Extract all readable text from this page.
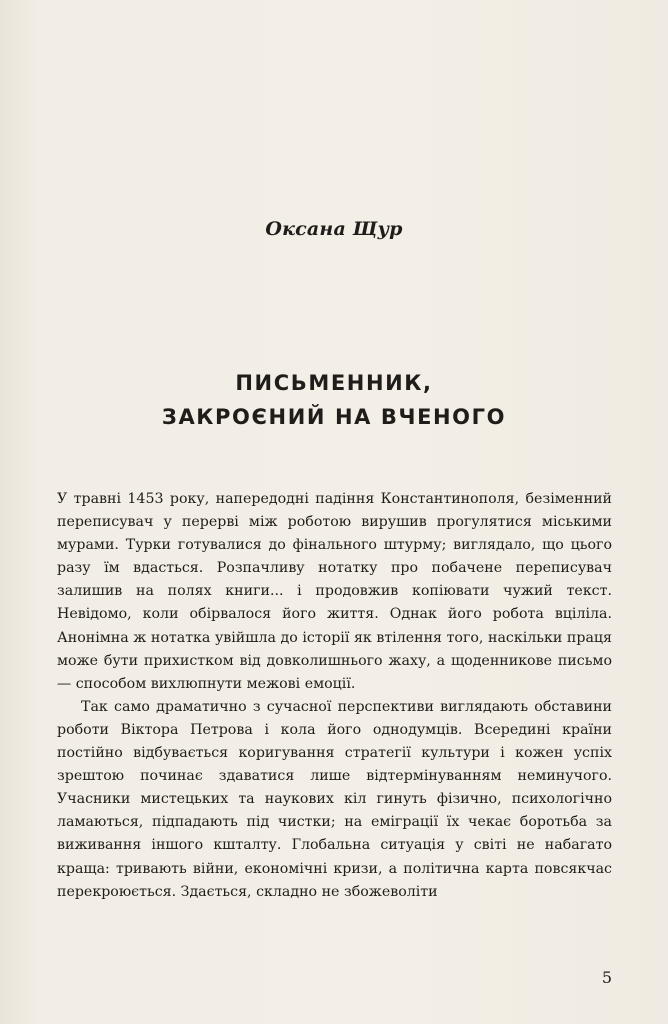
Оксана Щур
ПИСЬМЕННИК,
ЗАКРОЄНИЙ НА ВЧЕНОГО

У травні 1453 року, напередодні падіння Константинополя, безіменний переписувач у перерві між роботою вирушив прогулятися міськими мурами. Турки готувалися до фінального штурму; виглядало, що цього разу їм вдасться. Розпачливу нотатку про побачене переписувач залишив на полях книги... і продовжив копіювати чужий текст. Невідомо, коли обірвалося його життя. Однак його робота вціліла. Анонімна ж нотатка увійшла до історії як втілення того, наскільки праця може бути прихистком від довколишнього жаху, а щоденникове письмо — способом вихлюпнути межові емоції.

Так само драматично з сучасної перспективи виглядають обставини роботи Віктора Петрова і кола його однодумців. Всередині країни постійно відбувається коригування стратегії культури і кожен успіх зрештою починає здаватися лише відтермінуванням неминучого. Учасники мистецьких та наукових кіл гинуть фізично, психологічно ламаються, підпадають під чистки; на еміграції їх чекає боротьба за виживання іншого кшталту. Глобальна ситуація у світі не набагато краща: тривають війни, економічні кризи, а політична карта повсякчас перекроюється. Здається, складно не збожеволіти

5
